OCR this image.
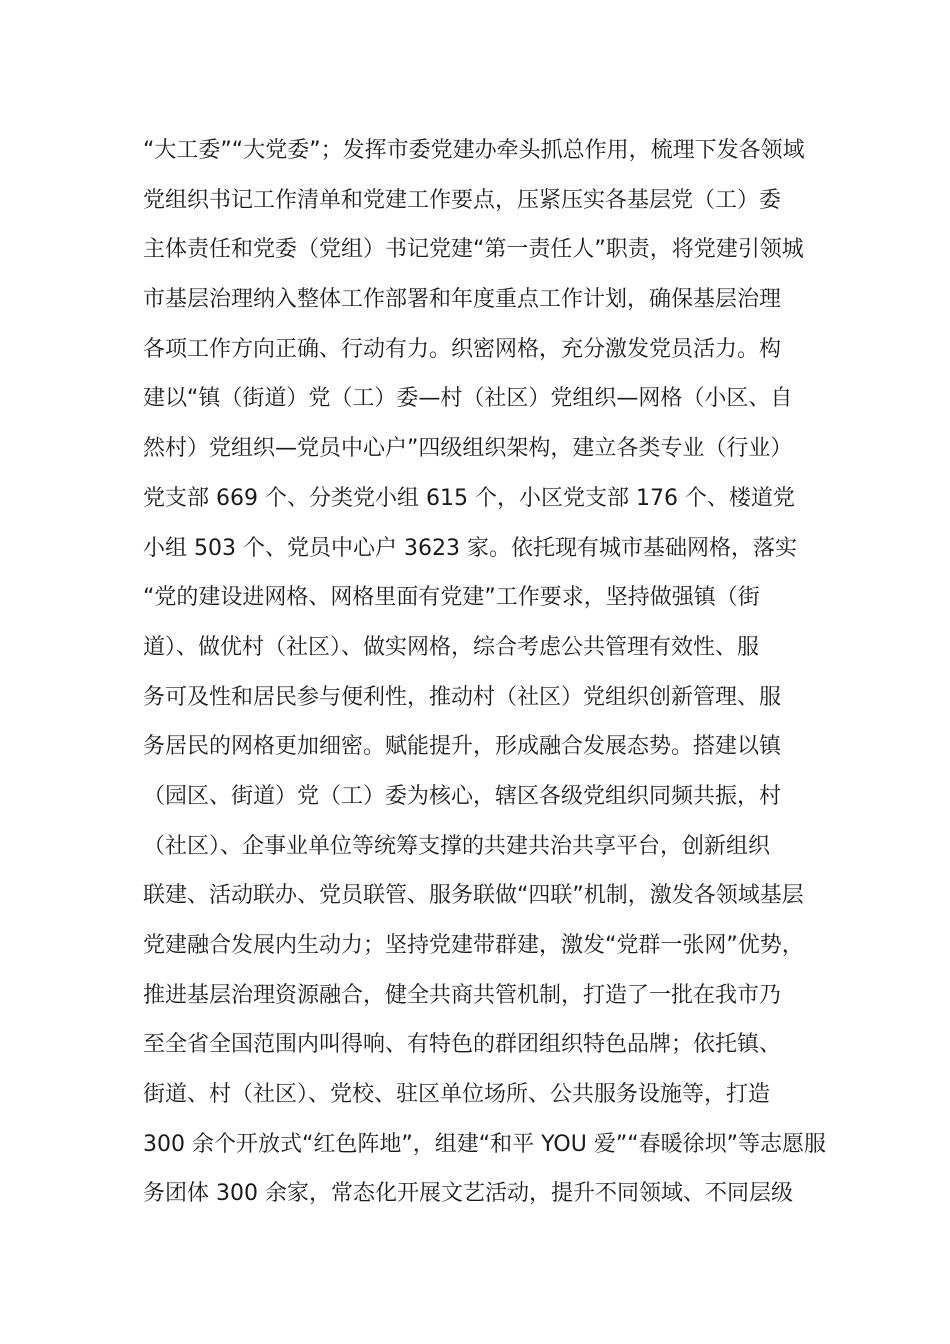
“大工委”“大党委”；发挥市委党建办牵头抓总作用，梳理下发各领域
党组织书记工作清单和党建工作要点，压紧压实各基层党（工）委
主体责任和党委（党组）书记党建“第一责任人”职责，将党建引领城
市基层治理纳入整体工作部署和年度重点工作计划，确保基层治理
各项工作方向正确、行动有力。织密网格，充分激发党员活力。构
建以“镇（街道）党（工）委—村（社区）党组织—网格（小区、自
然村）党组织—党员中心户”四级组织架构，建立各类专业（行业）
党支部 669 个、分类党小组 615 个，小区党支部 176 个、楼道党
小组 503 个、党员中心户 3623 家。依托现有城市基础网格，落实
“党的建设进网格、网格里面有党建”工作要求，坚持做强镇（街
道）、做优村（社区）、做实网格，综合考虑公共管理有效性、服
务可及性和居民参与便利性，推动村（社区）党组织创新管理、服
务居民的网格更加细密。赋能提升，形成融合发展态势。搭建以镇
（园区、街道）党（工）委为核心，辖区各级党组织同频共振，村
（社区）、企事业单位等统筹支撑的共建共治共享平台，创新组织
联建、活动联办、党员联管、服务联做“四联”机制，激发各领域基层
党建融合发展内生动力；坚持党建带群建，激发“党群一张网”优势，
推进基层治理资源融合，健全共商共管机制，打造了一批在我市乃
至全省全国范围内叫得响、有特色的群团组织特色品牌；依托镇、
街道、村（社区）、党校、驻区单位场所、公共服务设施等，打造
300 余个开放式“红色阵地”，组建“和平 YOU 爱”“春暖徐坝”等志愿服
务团体 300 余家，常态化开展文艺活动，提升不同领域、不同层级
